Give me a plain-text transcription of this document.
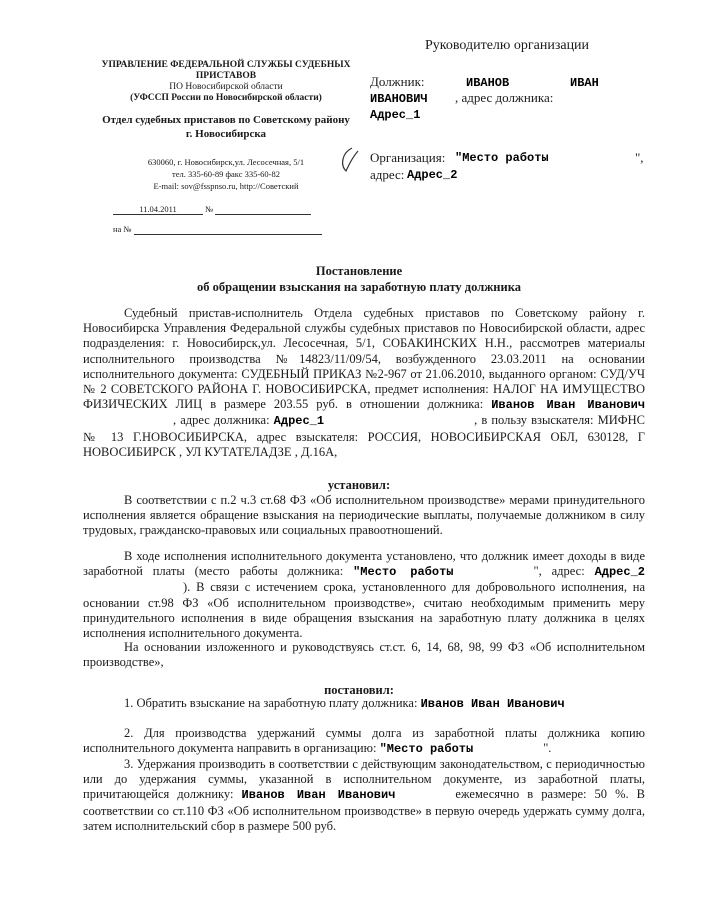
Руководителю организации
УПРАВЛЕНИЕ ФЕДЕРАЛЬНОЙ СЛУЖБЫ СУДЕБНЫХ
ПРИСТАВОВ
ПО Новосибирской области
(УФССП России по Новосибирской области)
Отдел судебных приставов по Советскому району
г. Новосибирска
630060, г. Новосибирск,ул. Лесосечная, 5/1
тел. 335-60-89 факс 335-60-82
E-mail: sov@fsspnso.ru, http://Советский
11.04.2011	№
на №
Должник:	ИВАНОВ	ИВАН
ИВАНОВИЧ , адрес должника:
Адрес_1
Организация: "Место работы	",
адрес: Адрес_2
Постановление
об обращении взыскания на заработную плату должника
Судебный пристав-исполнитель Отдела судебных приставов по Советскому району г. Новосибирска Управления Федеральной службы судебных приставов по Новосибирской области, адрес подразделения: г. Новосибирск,ул. Лесосечная, 5/1, СОБАКИНСКИХ Н.Н., рассмотрев материалы исполнительного производства №14823/11/09/54, возбужденного 23.03.2011 на основании исполнительного документа: СУДЕБНЫЙ ПРИКАЗ №2-967 от 21.06.2010, выданного органом: СУД/УЧ № 2 СОВЕТСКОГО РАЙОНА Г. НОВОСИБИРСКА, предмет исполнения: НАЛОГ НА ИМУЩЕСТВО ФИЗИЧЕСКИХ ЛИЦ в размере 203.55 руб. в отношении должника: Иванов Иван Иванович, адрес должника: Адрес_1	, в пользу взыскателя: МИФНС № 13 Г.НОВОСИБИРСКА, адрес взыскателя: РОССИЯ, НОВОСИБИРСКАЯ ОБЛ, 630128, Г НОВОСИБИРСК , УЛ КУТАТЕЛАДЗЕ , Д.16А,
установил:
В соответствии с п.2 ч.3 ст.68 ФЗ «Об исполнительном производстве» мерами принудительного исполнения является обращение взыскания на периодические выплаты, получаемые должником в силу трудовых, гражданско-правовых или социальных правоотношений.
В ходе исполнения исполнительного документа установлено, что должник имеет доходы в виде заработной платы (место работы должника: "Место работы	", адрес: Адрес_2). В связи с истечением срока, установленного для добровольного исполнения, на основании ст.98 ФЗ «Об исполнительном производстве», считаю необходимым применить меру принудительного исполнения в виде обращения взыскания на заработную плату должника в целях исполнения исполнительного документа.
На основании изложенного и руководствуясь ст.ст. 6, 14, 68, 98, 99 ФЗ «Об исполнительном производстве»,
постановил:
1. Обратить взыскание на заработную плату должника: Иванов Иван Иванович
2. Для производства удержаний суммы долга из заработной платы должника копию исполнительного документа направить в организацию: "Место работы	".
3. Удержания производить в соответствии с действующим законодательством, с периодичностью или до удержания суммы, указанной в исполнительном документе, из заработной платы, причитающейся должнику: Иванов Иван Иванович	ежемесячно в размере: 50 %. В соответствии со ст.110 ФЗ «Об исполнительном производстве» в первую очередь удержать сумму долга, затем исполнительский сбор в размере 500 руб.
